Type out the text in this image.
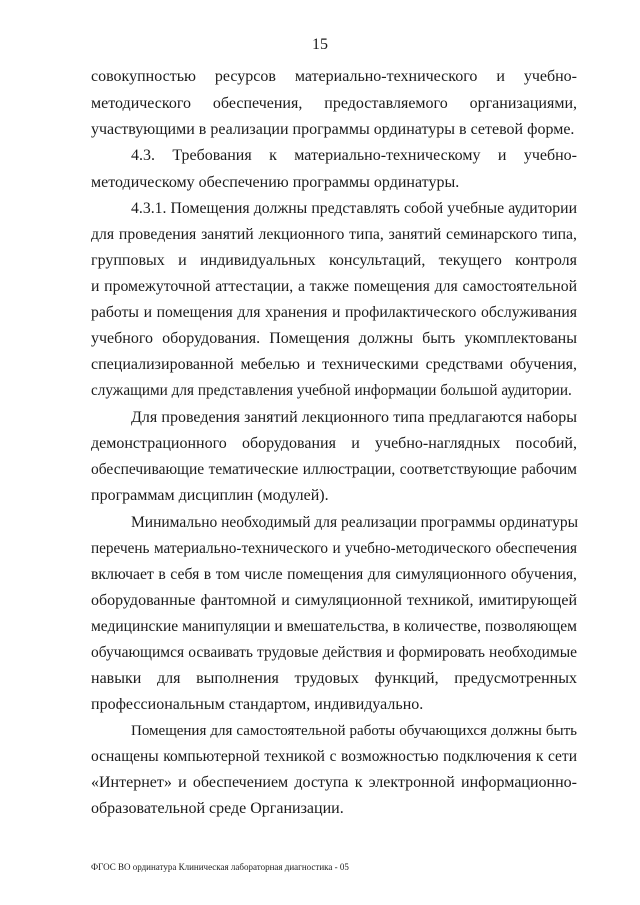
15
совокупностью ресурсов материально-технического и учебно-
методического обеспечения, предоставляемого организациями,
участвующими в реализации программы ординатуры в сетевой форме.
4.3. Требования к материально-техническому и учебно-
методическому обеспечению программы ординатуры.
4.3.1. Помещения должны представлять собой учебные аудитории
для проведения занятий лекционного типа, занятий семинарского типа,
групповых и индивидуальных консультаций, текущего контроля
и промежуточной аттестации, а также помещения для самостоятельной
работы и помещения для хранения и профилактического обслуживания
учебного оборудования. Помещения должны быть укомплектованы
специализированной мебелью и техническими средствами обучения,
служащими для представления учебной информации большой аудитории.
Для проведения занятий лекционного типа предлагаются наборы
демонстрационного оборудования и учебно-наглядных пособий,
обеспечивающие тематические иллюстрации, соответствующие рабочим
программам дисциплин (модулей).
Минимально необходимый для реализации программы ординатуры
перечень материально-технического и учебно-методического обеспечения
включает в себя в том числе помещения для симуляционного обучения,
оборудованные фантомной и симуляционной техникой, имитирующей
медицинские манипуляции и вмешательства, в количестве, позволяющем
обучающимся осваивать трудовые действия и формировать необходимые
навыки для выполнения трудовых функций, предусмотренных
профессиональным стандартом, индивидуально.
Помещения для самостоятельной работы обучающихся должны быть
оснащены компьютерной техникой с возможностью подключения к сети
«Интернет» и обеспечением доступа к электронной информационно-
образовательной среде Организации.
ФГОС ВО ординатура Клиническая лабораторная диагностика - 05
